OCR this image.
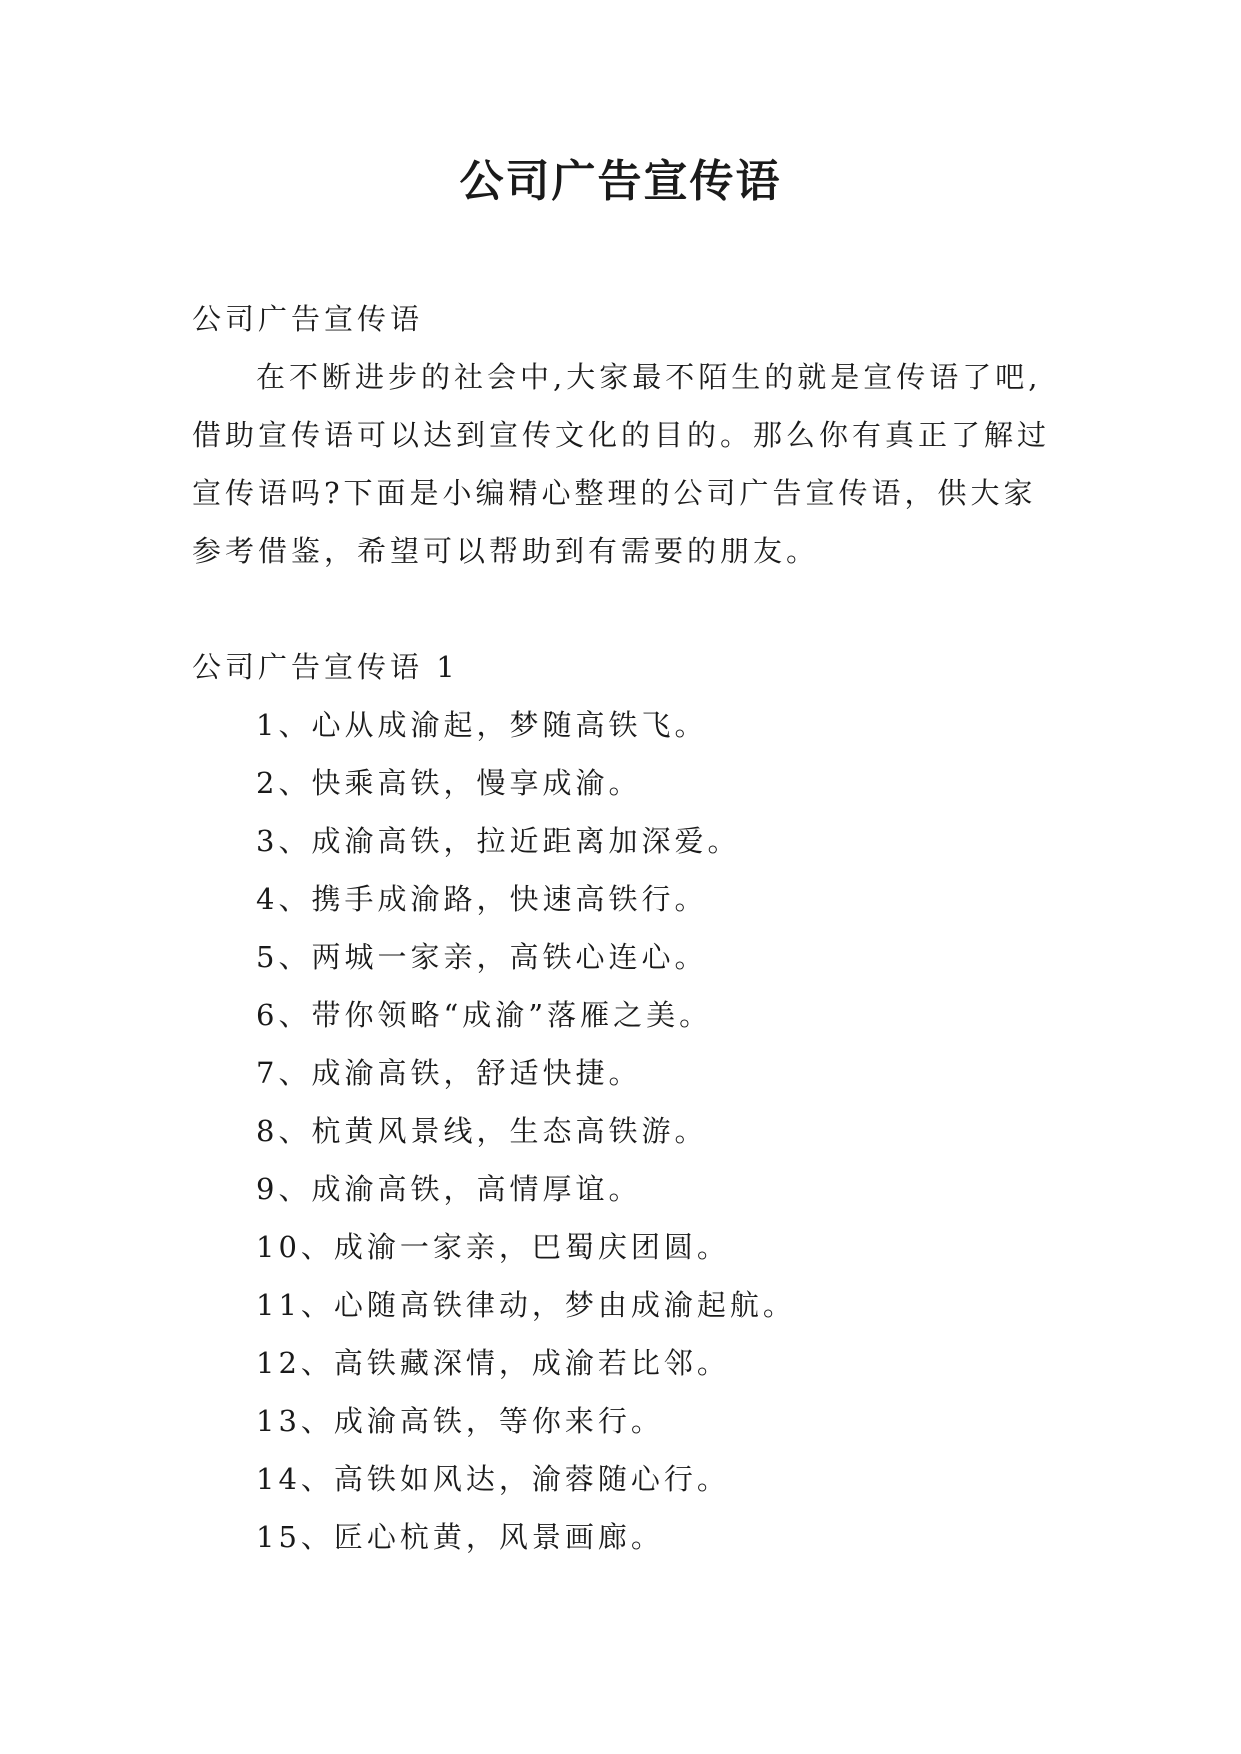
公司广告宣传语

公司广告宣传语

在不断进步的社会中,大家最不陌生的就是宣传语了吧,借助宣传语可以达到宣传文化的目的。那么你有真正了解过宣传语吗?下面是小编精心整理的公司广告宣传语，供大家参考借鉴，希望可以帮助到有需要的朋友。

公司广告宣传语 1

1、心从成渝起，梦随高铁飞。
2、快乘高铁，慢享成渝。
3、成渝高铁，拉近距离加深爱。
4、携手成渝路，快速高铁行。
5、两城一家亲，高铁心连心。
6、带你领略“成渝”落雁之美。
7、成渝高铁，舒适快捷。
8、杭黄风景线，生态高铁游。
9、成渝高铁，高情厚谊。
10、成渝一家亲，巴蜀庆团圆。
11、心随高铁律动，梦由成渝起航。
12、高铁藏深情，成渝若比邻。
13、成渝高铁，等你来行。
14、高铁如风达，渝蓉随心行。
15、匠心杭黄，风景画廊。
